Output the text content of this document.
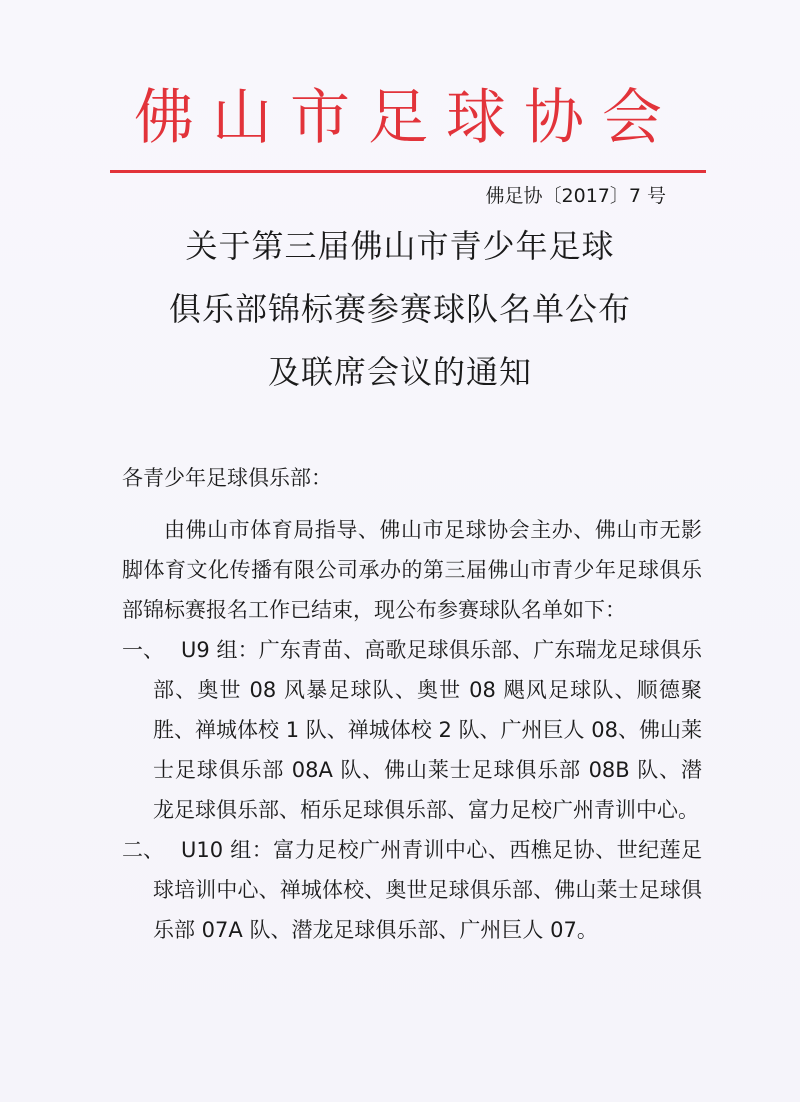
佛山市足球协会
佛足协〔2017〕7 号
关于第三届佛山市青少年足球
俱乐部锦标赛参赛球队名单公布
及联席会议的通知
各青少年足球俱乐部：

由佛山市体育局指导、佛山市足球协会主办、佛山市无影脚体育文化传播有限公司承办的第三届佛山市青少年足球俱乐部锦标赛报名工作已结束，现公布参赛球队名单如下：

一、 U9 组：广东青苗、高歌足球俱乐部、广东瑞龙足球俱乐部、奥世 08 风暴足球队、奥世 08 飓风足球队、顺德聚胜、禅城体校 1 队、禅城体校 2 队、广州巨人 08、佛山莱士足球俱乐部 08A 队、佛山莱士足球俱乐部 08B 队、潜龙足球俱乐部、栢乐足球俱乐部、富力足校广州青训中心。

二、 U10 组：富力足校广州青训中心、西樵足协、世纪莲足球培训中心、禅城体校、奥世足球俱乐部、佛山莱士足球俱乐部 07A 队、潜龙足球俱乐部、广州巨人 07。
